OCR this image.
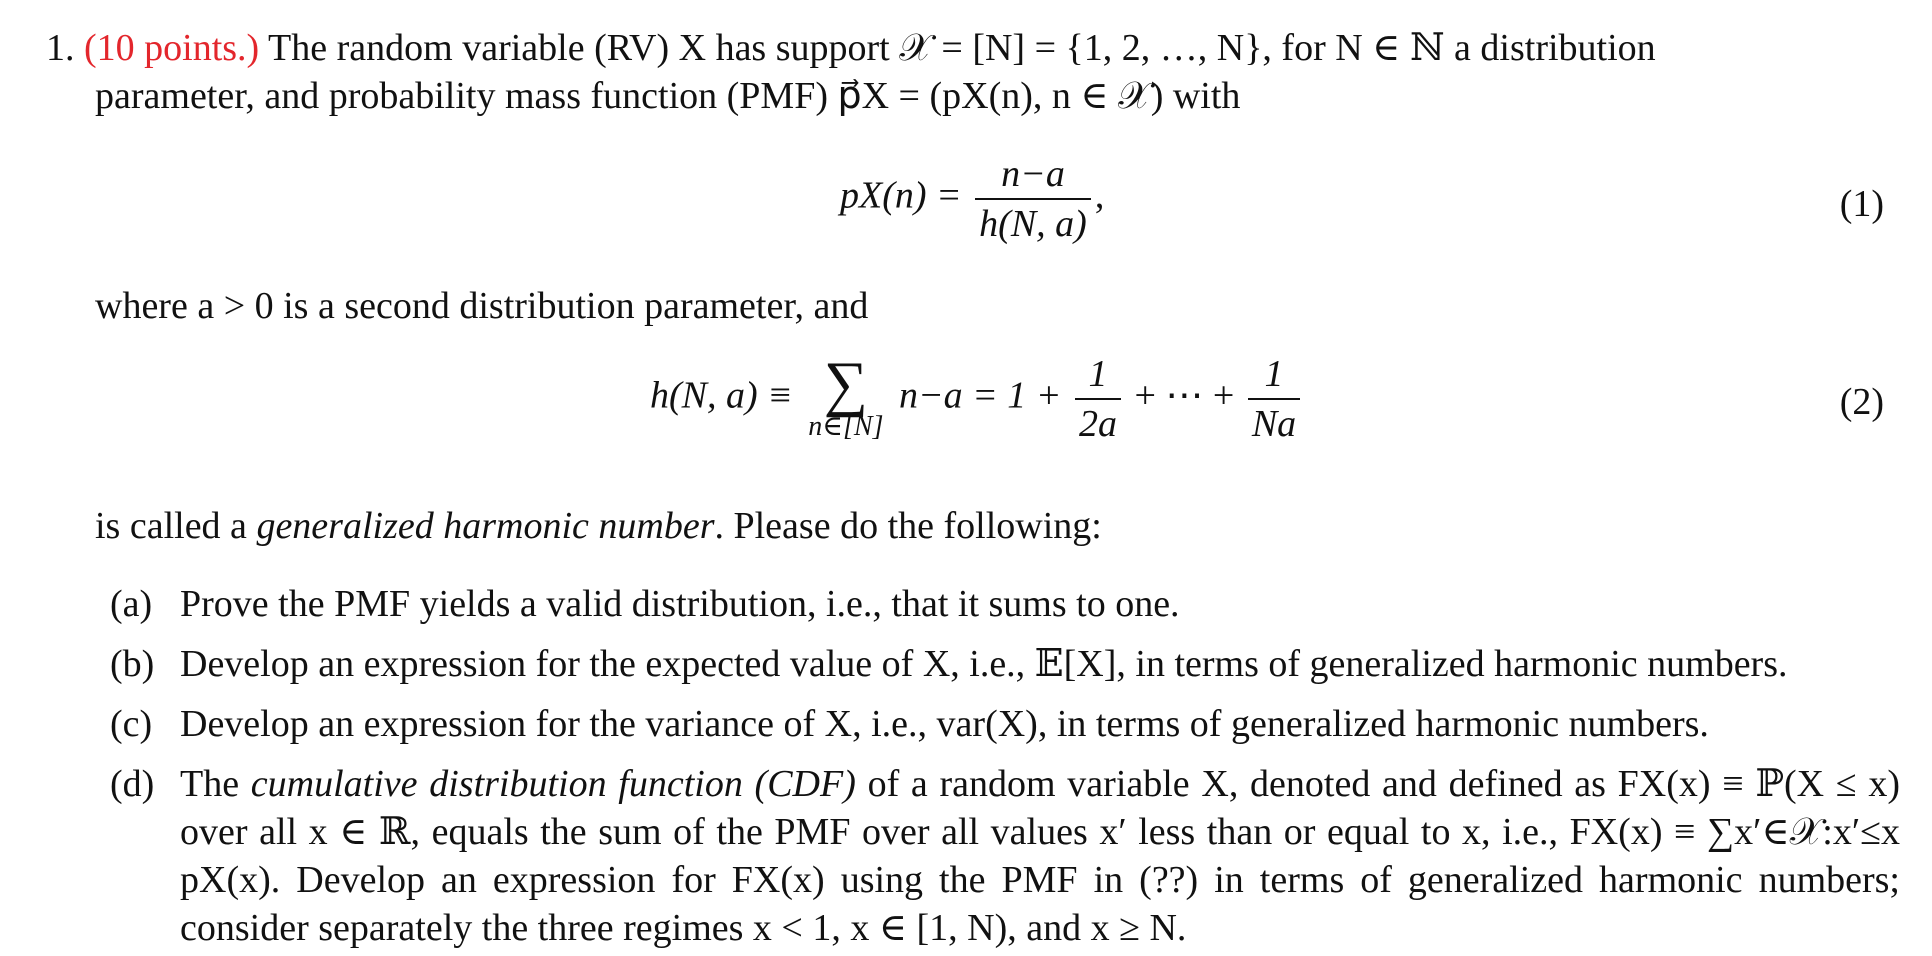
1. (10 points.) The random variable (RV) X has support 𝒳 = [N] = {1, 2, …, N}, for N ∈ ℕ a distribution
parameter, and probability mass function (PMF) p⃗X = (pX(n), n ∈ 𝒳) with
$pX(n) = \frac{n-a}{h(N, a)}$ ,	(1)
where a > 0 is a second distribution parameter, and
h(N, a) ≡ ∑
n∈[N]
$n-a = 1 + \frac{1}{2a}$ + ⋯ + $\frac{1}{Na}$	(2)
is called a generalized harmonic number. Please do the following:
(a) Prove the PMF yields a valid distribution, i.e., that it sums to one.
(b) Develop an expression for the expected value of X, i.e., 𝔼[X], in terms of generalized harmonic numbers.
(c) Develop an expression for the variance of X, i.e., var(X), in terms of generalized harmonic numbers.
(d) The cumulative distribution function (CDF) of a random variable X, denoted and defined as FX(x) ≡ ℙ(X ≤ x) over all x ∈ ℝ, equals the sum of the PMF over all values x′ less than or equal to x, i.e., FX(x) ≡ ∑x′∈𝒳:x′≤x pX(x). Develop an expression for FX(x) using the PMF in (??) in terms of generalized harmonic numbers; consider separately the three regimes x < 1, x ∈ [1, N), and x ≥ N.
